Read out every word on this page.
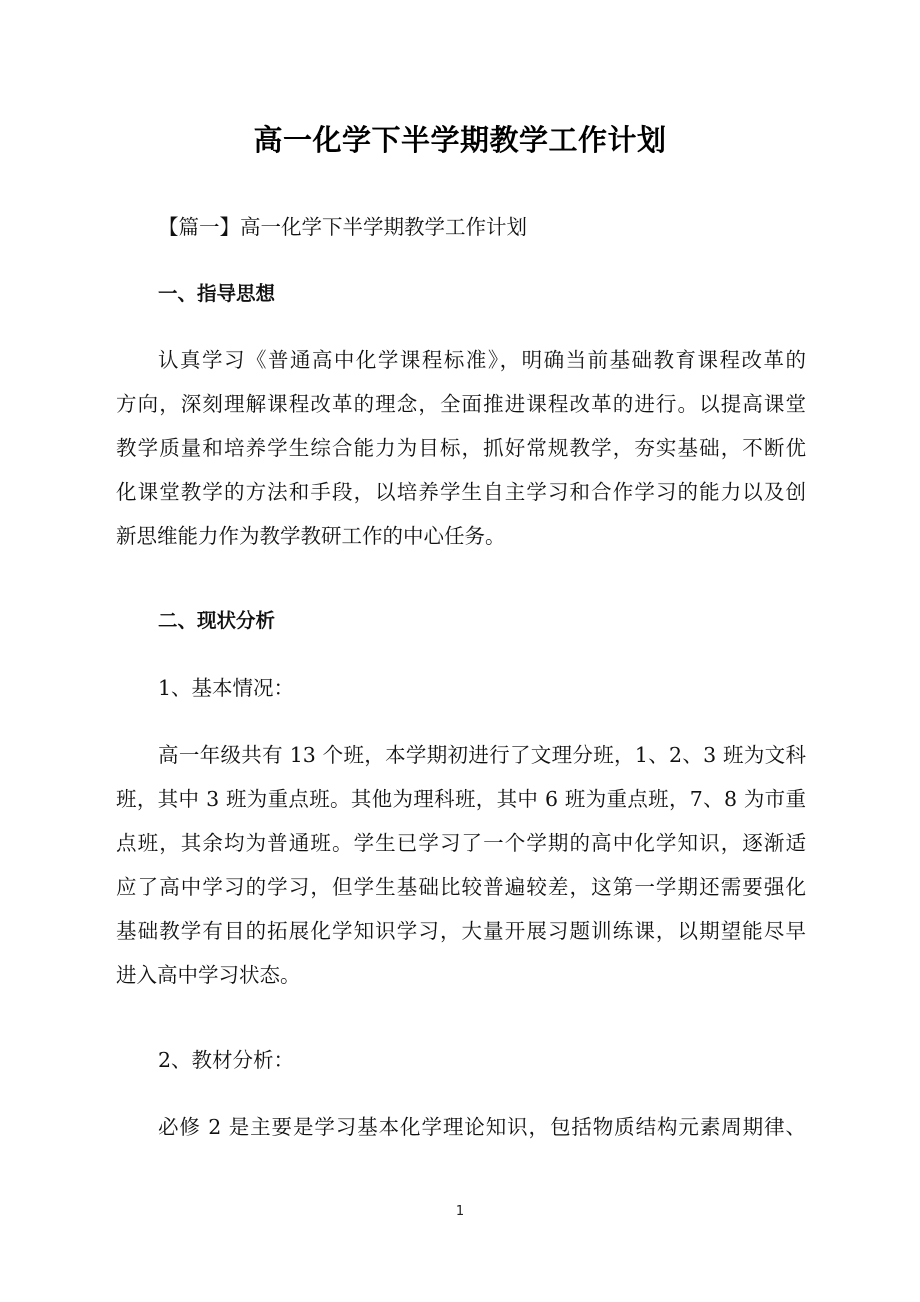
高一化学下半学期教学工作计划
【篇一】高一化学下半学期教学工作计划
一、指导思想
认真学习《普通高中化学课程标准》，明确当前基础教育课程改革的
方向，深刻理解课程改革的理念，全面推进课程改革的进行。以提高课堂
教学质量和培养学生综合能力为目标，抓好常规教学，夯实基础，不断优
化课堂教学的方法和手段，以培养学生自主学习和合作学习的能力以及创
新思维能力作为教学教研工作的中心任务。
二、现状分析
1、基本情况：
高一年级共有 13 个班，本学期初进行了文理分班，1、2、3 班为文科
班，其中 3 班为重点班。其他为理科班，其中 6 班为重点班，7、8 为市重
点班，其余均为普通班。学生已学习了一个学期的高中化学知识，逐渐适
应了高中学习的学习，但学生基础比较普遍较差，这第一学期还需要强化
基础教学有目的拓展化学知识学习，大量开展习题训练课，以期望能尽早
进入高中学习状态。
2、教材分析：
必修 2 是主要是学习基本化学理论知识，包括物质结构元素周期律、
1
